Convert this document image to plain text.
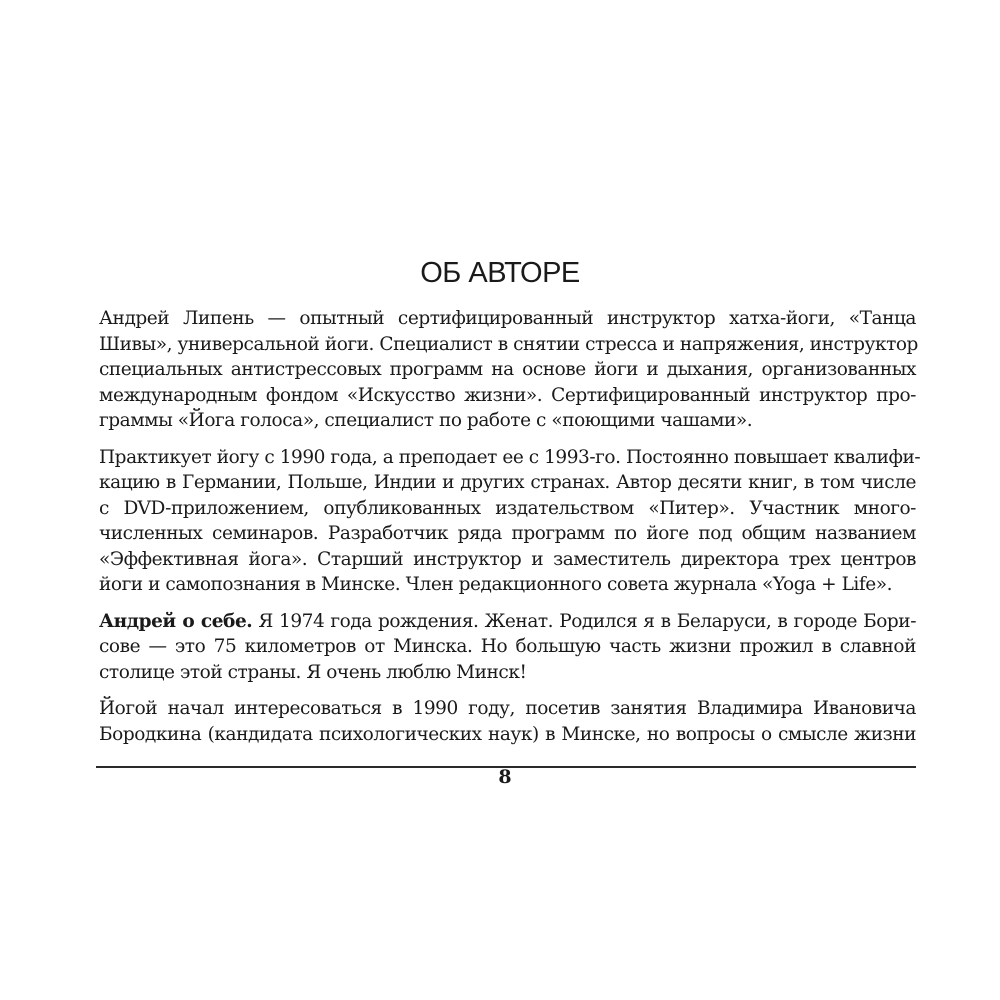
ОБ АВТОРЕ

Андрей Липень — опытный сертифицированный инструктор хатха-йоги, «Танца
Шивы», универсальной йоги. Специалист в снятии стресса и напряжения, инструктор
специальных антистрессовых программ на основе йоги и дыхания, организованных
международным фондом «Искусство жизни». Сертифицированный инструктор про-
граммы «Йога голоса», специалист по работе с «поющими чашами».

Практикует йогу с 1990 года, а преподает ее с 1993-го. Постоянно повышает квалифи-
кацию в Германии, Польше, Индии и других странах. Автор десяти книг, в том числе
с DVD-приложением, опубликованных издательством «Питер». Участник много-
численных семинаров. Разработчик ряда программ по йоге под общим названием
«Эффективная йога». Старший инструктор и заместитель директора трех центров
йоги и самопознания в Минске. Член редакционного совета журнала «Yoga + Life».

Андрей о себе. Я 1974 года рождения. Женат. Родился я в Беларуси, в городе Бори-
сове — это 75 километров от Минска. Но большую часть жизни прожил в славной
столице этой страны. Я очень люблю Минск!

Йогой начал интересоваться в 1990 году, посетив занятия Владимира Ивановича
Бородкина (кандидата психологических наук) в Минске, но вопросы о смысле жизни

8
